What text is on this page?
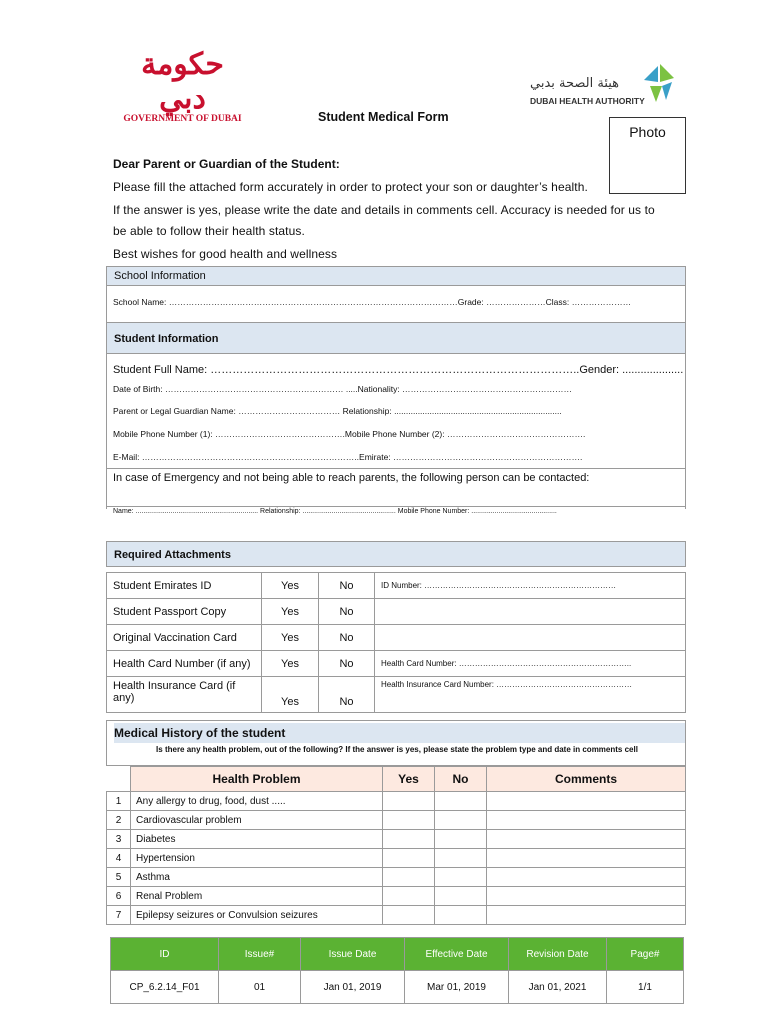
حكومة دبي
GOVERNMENT OF DUBAI
هيئة الصحة بدبي
DUBAI HEALTH AUTHORITY
Student Medical Form
Photo
Dear Parent or Guardian of the Student:
Please fill the attached form accurately in order to protect your son or daughter’s health.
If the answer is yes, please write the date and details in comments cell. Accuracy is needed for us to
be able to follow their health status.
Best wishes for good health and wellness
School Information
School Name: …………………………………………………………………………………………Grade: …………………Class: …………………
Student Information
Student Full Name: ………………………………………………………………………………………..Gender: ....................
Date of Birth: ……………………………………………………… .....Nationality: ……………………………………………………
Parent or Legal Guardian Name: ……………………………… Relationship: .......................................................................
Mobile Phone Number (1): ……………………………………….Mobile Phone Number (2): ………………………………………….
E-Mail: …………………………………………………………………..Emirate: ………………………………………………………….
In case of Emergency and not being able to reach parents, the following person can be contacted:
Name: ............................................................... Relationship: ................................................ Mobile Phone Number: ............................................
Required Attachments
Student Emirates ID	Yes	No	ID Number: ………………………………………………………………
Student Passport Copy	Yes	No	
Original Vaccination Card	Yes	No	
Health Card Number (if any)	Yes	No	Health Card Number: ………………………………………………………..
Health Insurance Card (if any)	Yes	No	Health Insurance Card Number: ……………………………………………
Medical History of the student
Is there any health problem, out of the following? If the answer is yes, please state the problem type and date in comments cell
	Health Problem	Yes	No	Comments
1	Any allergy to drug, food, dust .....			
2	Cardiovascular problem			
3	Diabetes			
4	Hypertension			
5	Asthma			
6	Renal Problem			
7	Epilepsy seizures or Convulsion seizures			
ID	Issue#	Issue Date	Effective Date	Revision Date	Page#
CP_6.2.14_F01	01	Jan 01, 2019	Mar 01, 2019	Jan 01, 2021	1/1
